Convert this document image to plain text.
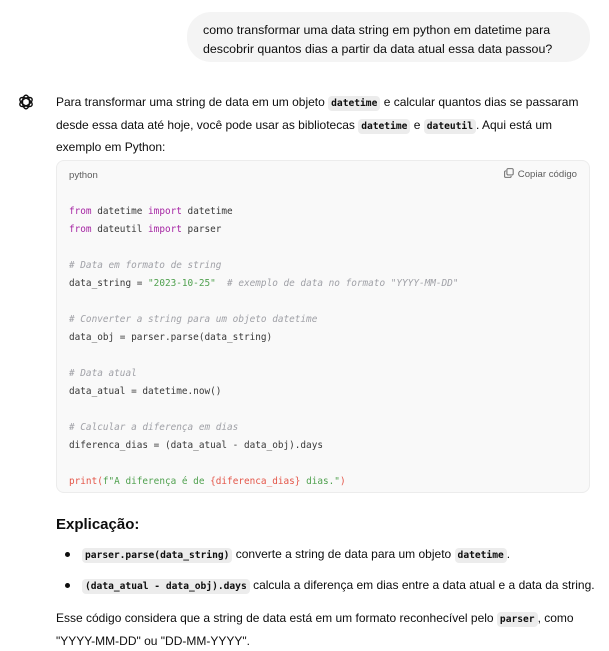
como transformar uma data string em python em datetime para descobrir quantos dias a partir da data atual essa data passou?

Para transformar uma string de data em um objeto datetime e calcular quantos dias se passaram desde essa data até hoje, você pode usar as bibliotecas datetime e dateutil . Aqui está um exemplo em Python:

python	Copiar código
from datetime import datetime
from dateutil import parser

# Data em formato de string
data_string = "2023-10-25"  # exemplo de data no formato "YYYY-MM-DD"

# Converter a string para um objeto datetime
data_obj = parser.parse(data_string)

# Data atual
data_atual = datetime.now()

# Calcular a diferença em dias
diferenca_dias = (data_atual - data_obj).days

print(f"A diferença é de {diferenca_dias} dias.")
Explicação:
parser.parse(data_string) converte a string de data para um objeto datetime .
(data_atual - data_obj).days calcula a diferença em dias entre a data atual e a data da string.

Esse código considera que a string de data está em um formato reconhecível pelo parser , como "YYYY-MM-DD" ou "DD-MM-YYYY".
